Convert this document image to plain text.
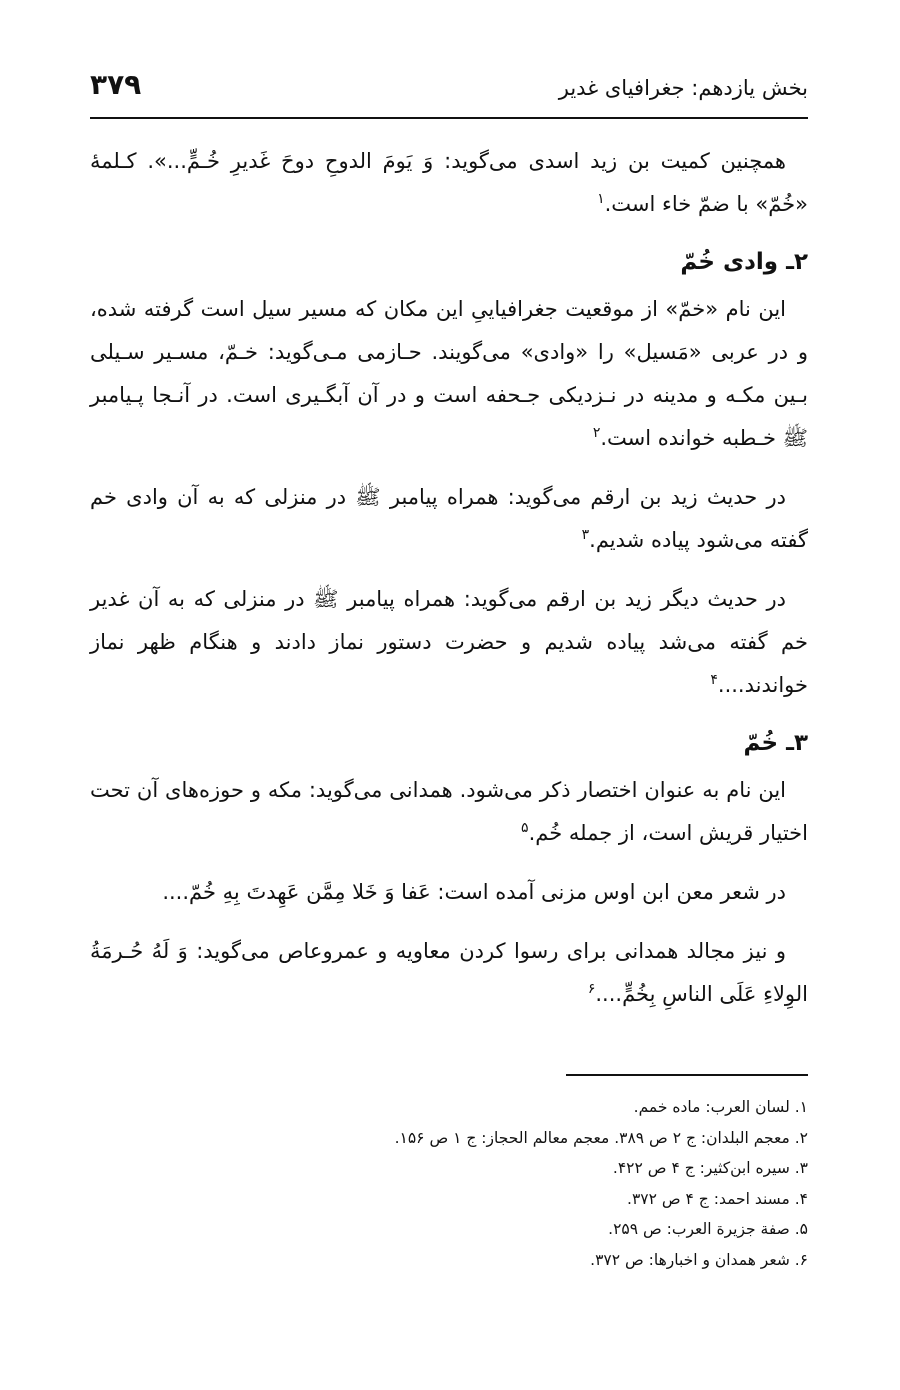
بخش یازدهم: جغرافیای غدیر
۳۷۹

همچنین کمیت بن زید اسدی می‌گوید: وَ یَومَ الدوحِ دوحَ غَدیرِ خُـمٍّ...». کـلمهٔ «خُمّ» با ضمّ خاء است.$^۱$

۲ـ وادی خُمّ

این نام «خمّ» از موقعیت جغرافیاییِ این مکان که مسیر سیل است گرفته شده، و در عربی «مَسیل» را «وادی» می‌گویند. حـازمی مـی‌گوید: خـمّ، مسـیر سـیلی بـین مکـه و مدینه در نـزدیکی جـحفه است و در آن آبگـیری است. در آنـجا پـیامبر ﷺ خـطبه خوانده است.$^۲$

در حدیث زید بن ارقم می‌گوید: همراه پیامبر ﷺ در منزلی که به آن وادی خم گفته می‌شود پیاده شدیم.$^۳$

در حدیث دیگر زید بن ارقم می‌گوید: همراه پیامبر ﷺ در منزلی که به آن غدیر خم گفته می‌شد پیاده شدیم و حضرت دستور نماز دادند و هنگام ظهر نماز خواندند....$^۴$

۳ـ خُمّ

این نام به عنوان اختصار ذکر می‌شود. همدانی می‌گوید: مکه و حوزه‌های آن تحت اختیار قریش است، از جمله خُم.$^۵$

در شعر معن ابن اوس مزنی آمده است: عَفا وَ خَلا مِمَّن عَهِدتَ بِهِ خُمّ....

و نیز مجالد همدانی برای رسوا کردن معاویه و عمروعاص می‌گوید: وَ لَهُ حُـرمَةُ الوِلاءِ عَلَی الناسِ بِخُمٍّ....$^۶$

۱. لسان العرب: ماده خمم.
۲. معجم البلدان: ج ۲ ص ۳۸۹. معجم معالم الحجاز: ج ۱ ص ۱۵۶.
۳. سیره ابن‌کثیر: ج ۴ ص ۴۲۲.
۴. مسند احمد: ج ۴ ص ۳۷۲.
۵. صفة جزیرة العرب: ص ۲۵۹.
۶. شعر همدان و اخبارها: ص ۳۷۲.
